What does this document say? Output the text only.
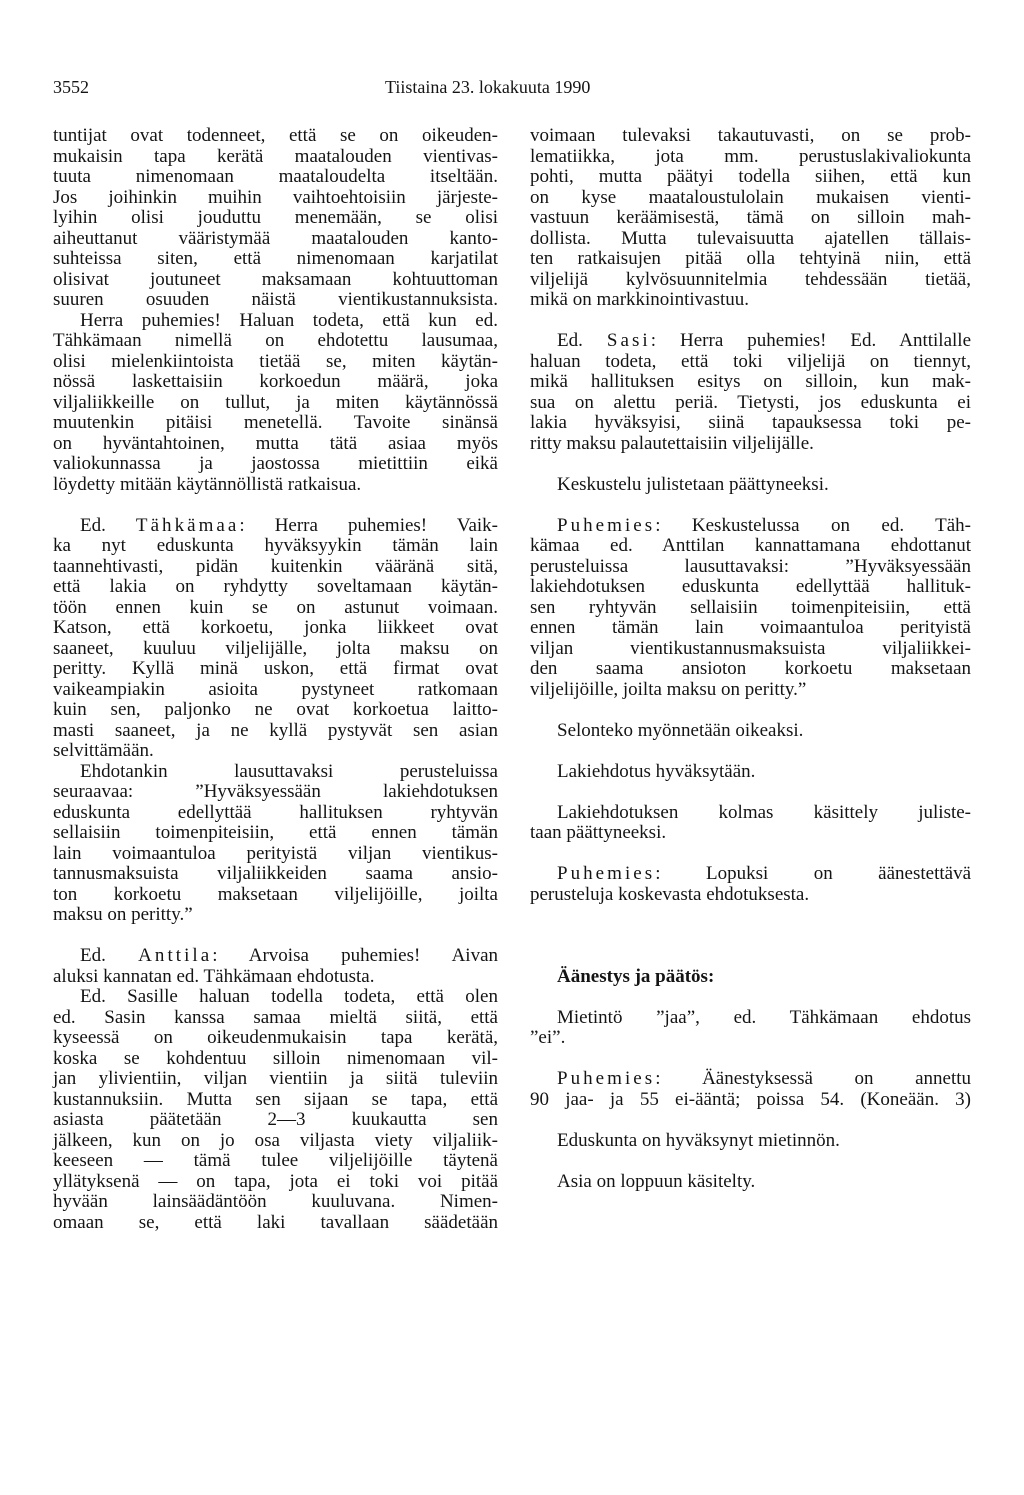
3552	Tiistaina 23. lokakuuta 1990

tuntijat ovat todenneet, että se on oikeuden-

mukaisin tapa kerätä maatalouden vientivas-

tuuta nimenomaan maataloudelta itseltään.

Jos joihinkin muihin vaihtoehtoisiin järjeste-

lyihin olisi jouduttu menemään, se olisi

aiheuttanut vääristymää maatalouden kanto-

suhteissa siten, että nimenomaan karjatilat

olisivat joutuneet maksamaan kohtuuttoman

suuren osuuden näistä vientikustannuksista.

Herra puhemies! Haluan todeta, että kun ed.

Tähkämaan nimellä on ehdotettu lausumaa,

olisi mielenkiintoista tietää se, miten käytän-

nössä laskettaisiin korkoedun määrä, joka

viljaliikkeille on tullut, ja miten käytännössä

muutenkin pitäisi menetellä. Tavoite sinänsä

on hyväntahtoinen, mutta tätä asiaa myös

valiokunnassa ja jaostossa mietittiin eikä

löydetty mitään käytännöllistä ratkaisua.

Ed. Tähkämaa: Herra puhemies! Vaik-

ka nyt eduskunta hyväksyykin tämän lain

taannehtivasti, pidän kuitenkin vääränä sitä,

että lakia on ryhdytty soveltamaan käytän-

töön ennen kuin se on astunut voimaan.

Katson, että korkoetu, jonka liikkeet ovat

saaneet, kuuluu viljelijälle, jolta maksu on

peritty. Kyllä minä uskon, että firmat ovat

vaikeampiakin asioita pystyneet ratkomaan

kuin sen, paljonko ne ovat korkoetua laitto-

masti saaneet, ja ne kyllä pystyvät sen asian

selvittämään.

Ehdotankin lausuttavaksi perusteluissa

seuraavaa: ”Hyväksyessään lakiehdotuksen

eduskunta edellyttää hallituksen ryhtyvän

sellaisiin toimenpiteisiin, että ennen tämän

lain voimaantuloa perityistä viljan vientikus-

tannusmaksuista viljaliikkeiden saama ansio-

ton korkoetu maksetaan viljelijöille, joilta

maksu on peritty.”

Ed. Anttila: Arvoisa puhemies! Aivan

aluksi kannatan ed. Tähkämaan ehdotusta.

Ed. Sasille haluan todella todeta, että olen

ed. Sasin kanssa samaa mieltä siitä, että

kyseessä on oikeudenmukaisin tapa kerätä,

koska se kohdentuu silloin nimenomaan vil-

jan ylivientiin, viljan vientiin ja siitä tuleviin

kustannuksiin. Mutta sen sijaan se tapa, että

asiasta päätetään 2—3 kuukautta sen

jälkeen, kun on jo osa viljasta viety viljaliik-

keeseen — tämä tulee viljelijöille täytenä

yllätyksenä — on tapa, jota ei toki voi pitää

hyvään lainsäädäntöön kuuluvana. Nimen-

omaan se, että laki tavallaan säädetään

voimaan tulevaksi takautuvasti, on se prob-

lematiikka, jota mm. perustuslakivaliokunta

pohti, mutta päätyi todella siihen, että kun

on kyse maataloustulolain mukaisen vienti-

vastuun keräämisestä, tämä on silloin mah-

dollista. Mutta tulevaisuutta ajatellen tällais-

ten ratkaisujen pitää olla tehtyinä niin, että

viljelijä kylvösuunnitelmia tehdessään tietää,

mikä on markkinointivastuu.

Ed. Sasi: Herra puhemies! Ed. Anttilalle

haluan todeta, että toki viljelijä on tiennyt,

mikä hallituksen esitys on silloin, kun mak-

sua on alettu periä. Tietysti, jos eduskunta ei

lakia hyväksyisi, siinä tapauksessa toki pe-

ritty maksu palautettaisiin viljelijälle.

Keskustelu julistetaan päättyneeksi.

Puhemies: Keskustelussa on ed. Täh-

kämaa ed. Anttilan kannattamana ehdottanut

perusteluissa lausuttavaksi: ”Hyväksyessään

lakiehdotuksen eduskunta edellyttää hallituk-

sen ryhtyvän sellaisiin toimenpiteisiin, että

ennen tämän lain voimaantuloa perityistä

viljan vientikustannusmaksuista viljaliikkei-

den saama ansioton korkoetu maksetaan

viljelijöille, joilta maksu on peritty.”

Selonteko myönnetään oikeaksi.

Lakiehdotus hyväksytään.

Lakiehdotuksen kolmas käsittely juliste-

taan päättyneeksi.

Puhemies: Lopuksi on äänestettävä

perusteluja koskevasta ehdotuksesta.

Äänestys ja päätös:

Mietintö ”jaa”, ed. Tähkämaan ehdotus

”ei”.

Puhemies: Äänestyksessä on annettu

90 jaa- ja 55 ei-ääntä; poissa 54. (Koneään. 3)

Eduskunta on hyväksynyt mietinnön.

Asia on loppuun käsitelty.
